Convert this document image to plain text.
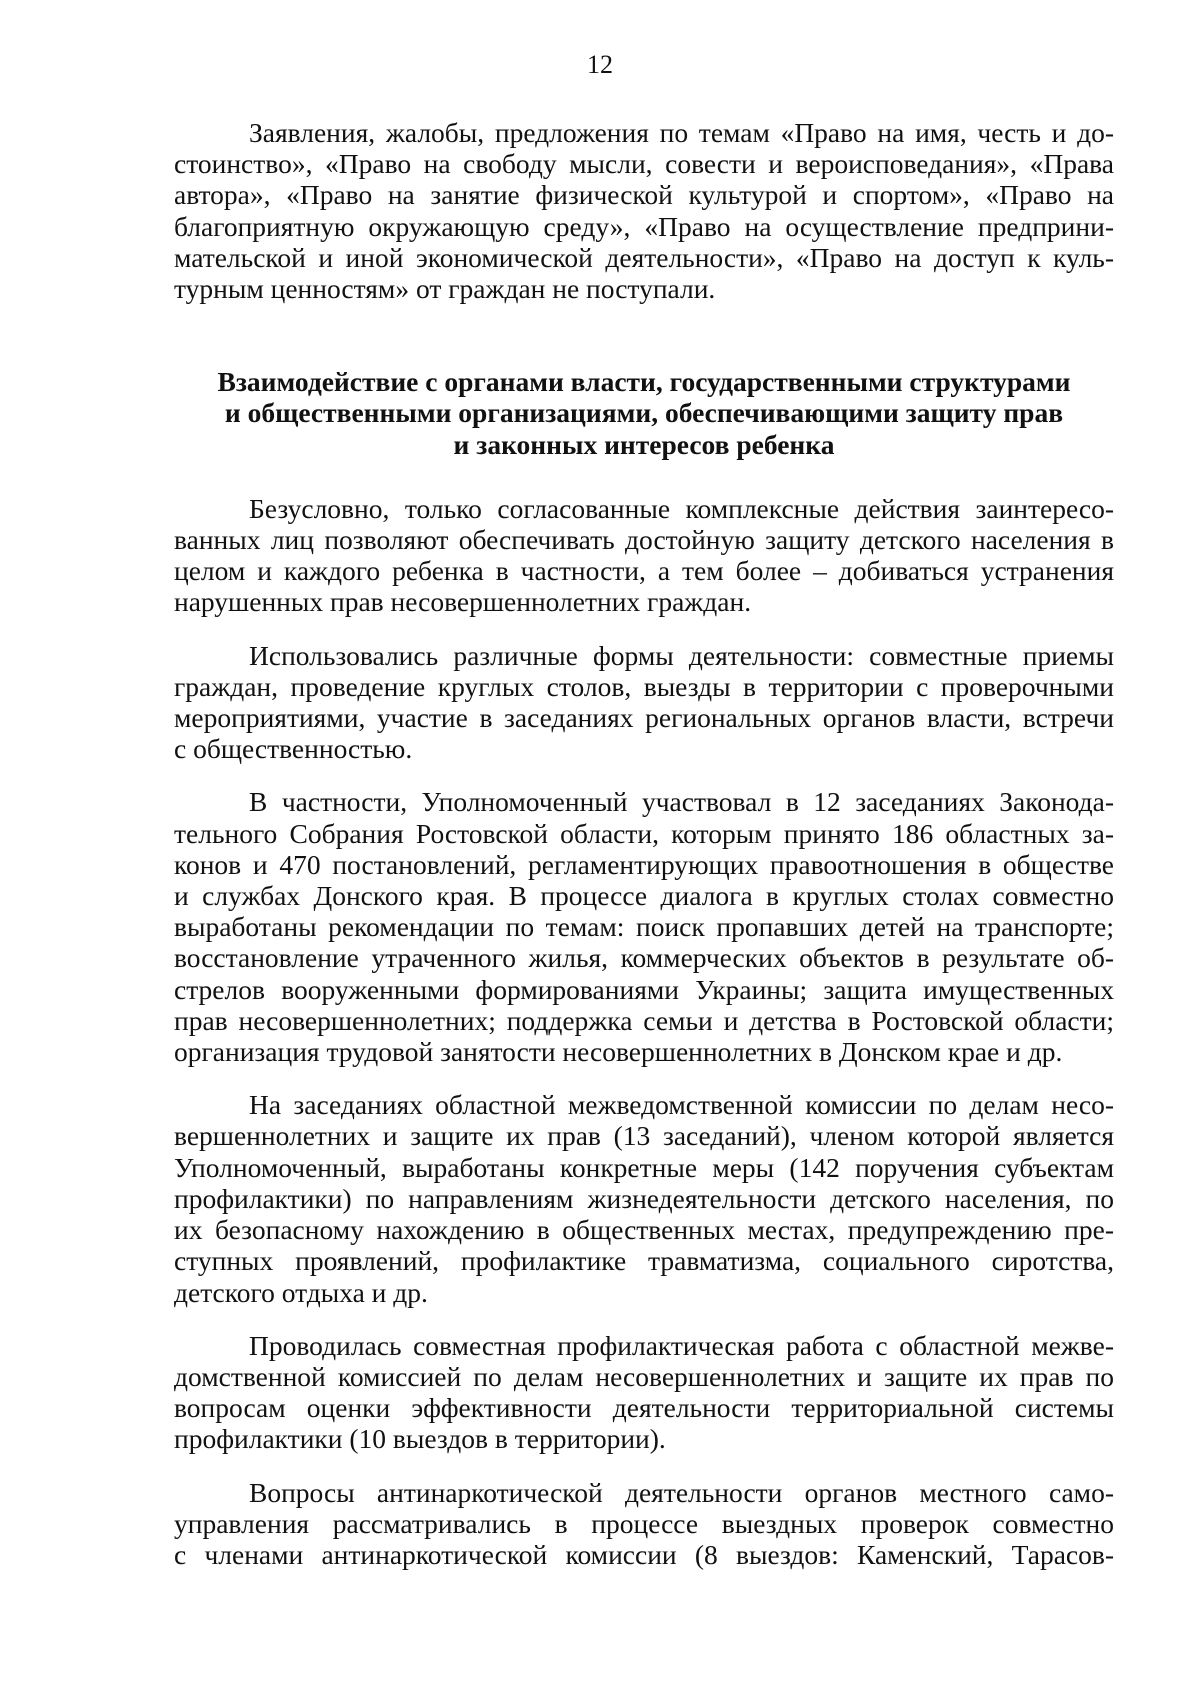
12
Заявления, жалобы, предложения по темам «Право на имя, честь и до-
стоинство», «Право на свободу мысли, совести и вероисповедания», «Права
автора», «Право на занятие физической культурой и спортом», «Право на
благоприятную окружающую среду», «Право на осуществление предприни-
мательской и иной экономической деятельности», «Право на доступ к куль-
турным ценностям» от граждан не поступали.
Взаимодействие с органами власти, государственными структурами
и общественными организациями, обеспечивающими защиту прав
и законных интересов ребенка
Безусловно, только согласованные комплексные действия заинтересо-
ванных лиц позволяют обеспечивать достойную защиту детского населения в
целом и каждого ребенка в частности, а тем более – добиваться устранения
нарушенных прав несовершеннолетних граждан.
Использовались различные формы деятельности: совместные приемы
граждан, проведение круглых столов, выезды в территории с проверочными
мероприятиями, участие в заседаниях региональных органов власти, встречи
с общественностью.
В частности, Уполномоченный участвовал в 12 заседаниях Законода-
тельного Собрания Ростовской области, которым принято 186 областных за-
конов и 470 постановлений, регламентирующих правоотношения в обществе
и службах Донского края. В процессе диалога в круглых столах совместно
выработаны рекомендации по темам: поиск пропавших детей на транспорте;
восстановление утраченного жилья, коммерческих объектов в результате об-
стрелов вооруженными формированиями Украины; защита имущественных
прав несовершеннолетних; поддержка семьи и детства в Ростовской области;
организация трудовой занятости несовершеннолетних в Донском крае и др.
На заседаниях областной межведомственной комиссии по делам несо-
вершеннолетних и защите их прав (13 заседаний), членом которой является
Уполномоченный, выработаны конкретные меры (142 поручения субъектам
профилактики) по направлениям жизнедеятельности детского населения, по
их безопасному нахождению в общественных местах, предупреждению пре-
ступных проявлений, профилактике травматизма, социального сиротства,
детского отдыха и др.
Проводилась совместная профилактическая работа с областной межве-
домственной комиссией по делам несовершеннолетних и защите их прав по
вопросам оценки эффективности деятельности территориальной системы
профилактики (10 выездов в территории).
Вопросы антинаркотической деятельности органов местного само-
управления рассматривались в процессе выездных проверок совместно
с членами антинаркотической комиссии (8 выездов: Каменский, Тарасов-
